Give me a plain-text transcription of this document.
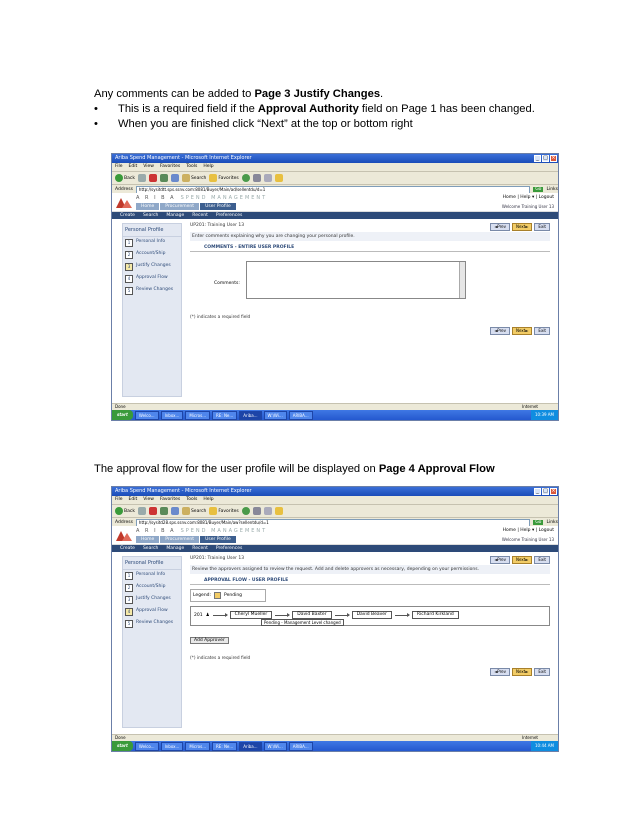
Any comments can be added to Page 3 Justify Changes.

• This is a required field if the Approval Authority field on Page 1 has been changed.

• When you are finished click “Next” at the top or bottom right

Ariba Spend Management - Microsoft Internet Explorer	_ □ ×
File Edit View Favorites Tools Help
Back	Search	Favorites
Address	http://sysitdtt.sps.ssnv.com:8081/Buyer/Main/ad/sellentdu/d=1	Go	Links
A R I B A SPEND MANAGEMENT	Home | Help ▾ | Logout
Home	Procurement	User Profile	Welcome Training User 13
Create Search Manage Recent Preferences
Personal Profile
1	Personal Info
2	Account/Ship
3	Justify Changes
4	Approval Flow
5	Review Changes
UP201: Training User 13	◄Prev	Next►	Exit
Enter comments explaining why you are changing your personal profile.
COMMENTS - ENTIRE USER PROFILE
Comments:
(*) indicates a required field
◄Prev	Next►	Exit
Done	Internet
start	Welco...	Inbox...	Micros...	RE: Ne...	Ariba...	W:\Wi...	ARIBA...	10:39 AM
The approval flow for the user profile will be displayed on Page 4 Approval Flow
Ariba Spend Management - Microsoft Internet Explorer	_ □ ×
File Edit View Favorites Tools Help
Back	Search	Favorites
Address	http://sysitd28.sps.ssnv.com:8081/Buyer/Main/aw?sellentdu/d=1	Go	Links
A R I B A SPEND MANAGEMENT	Home | Help ▾ | Logout
Home	Procurement	User Profile	Welcome Training User 13
Create Search Manage Recent Preferences
Personal Profile
1	Personal Info
2	Account/Ship
3	Justify Changes
4	Approval Flow
5	Review Changes
UP201: Training User 13	◄Prev	Next►	Exit
Review the approvers assigned to review the request. Add and delete approvers as necessary, depending on your permissions.
APPROVAL FLOW - USER PROFILE
Legend:	Pending
201 ♟	Cheryl Mueller	David Baxter	David Beaver	Richard Kirkland
Pending - Management Level changed
Add Approver
(*) indicates a required field
◄Prev	Next►	Exit
Done	Internet
start	Welco...	Inbox...	Micros...	RE: Ne...	Ariba...	W:\Wi...	ARIBA...	10:44 AM
